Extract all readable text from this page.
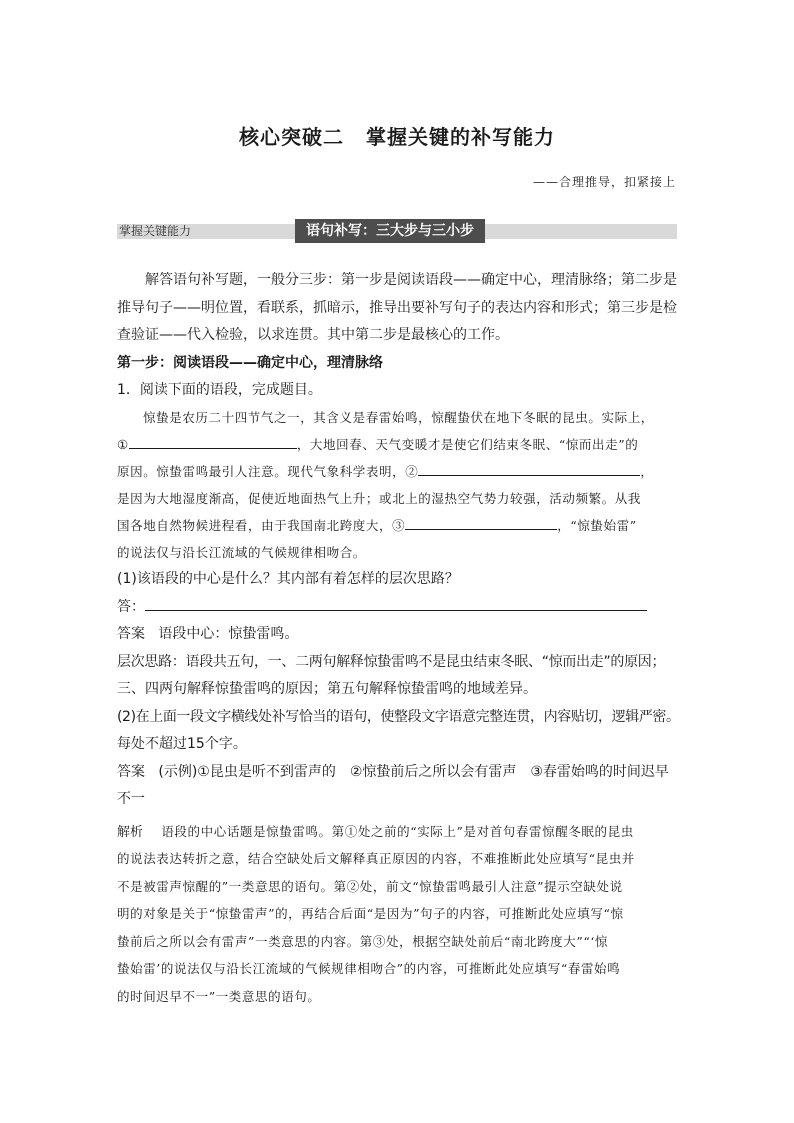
核心突破二 掌握关键的补写能力
——合理推导，扣紧接上
掌握关键能力	语句补写：三大步与三小步
解答语句补写题，一般分三步：第一步是阅读语段——确定中心，理清脉络；第二步是
推导句子——明位置，看联系，抓暗示，推导出要补写句子的表达内容和形式；第三步是检
查验证——代入检验，以求连贯。其中第二步是最核心的工作。
第一步：阅读语段——确定中心，理清脉络
1．阅读下面的语段，完成题目。
惊蛰是农历二十四节气之一，其含义是春雷始鸣，惊醒蛰伏在地下冬眠的昆虫。实际上，
①	，大地回春、天气变暖才是使它们结束冬眠、“惊而出走”的
原因。惊蛰雷鸣最引人注意。现代气象科学表明，②	，
是因为大地湿度渐高，促使近地面热气上升；或北上的湿热空气势力较强，活动频繁。从我
国各地自然物候进程看，由于我国南北跨度大，③	，“惊蛰始雷”
的说法仅与沿长江流域的气候规律相吻合。
(1)该语段的中心是什么？其内部有着怎样的层次思路？
答：
答案 语段中心：惊蛰雷鸣。
层次思路：语段共五句，一、二两句解释惊蛰雷鸣不是昆虫结束冬眠、“惊而出走”的原因；
三、四两句解释惊蛰雷鸣的原因；第五句解释惊蛰雷鸣的地域差异。
(2)在上面一段文字横线处补写恰当的语句，使整段文字语意完整连贯，内容贴切，逻辑严密。
每处不超过15个字。
答案 (示例)①昆虫是听不到雷声的　②惊蛰前后之所以会有雷声　③春雷始鸣的时间迟早
不一
解析 语段的中心话题是惊蛰雷鸣。第①处之前的“实际上”是对首句春雷惊醒冬眠的昆虫
的说法表达转折之意，结合空缺处后文解释真正原因的内容，不难推断此处应填写“昆虫并
不是被雷声惊醒的”一类意思的语句。第②处，前文“惊蛰雷鸣最引人注意”提示空缺处说
明的对象是关于“惊蛰雷声”的，再结合后面“是因为”句子的内容，可推断此处应填写“惊
蛰前后之所以会有雷声”一类意思的内容。第③处，根据空缺处前后“南北跨度大”“‘惊
蛰始雷’的说法仅与沿长江流域的气候规律相吻合”的内容，可推断此处应填写“春雷始鸣
的时间迟早不一”一类意思的语句。
